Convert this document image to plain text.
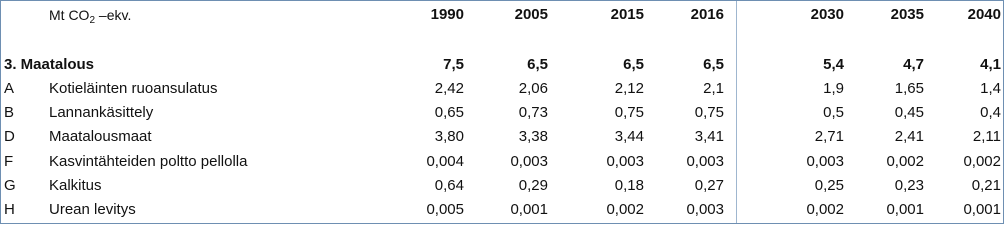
Mt $CO_2$ –ekv.	1990	2005	2015	2016	2030	2035	2040
3. Maatalous	7,5	6,5	6,5	6,5	5,4	4,7	4,1
A Kotieläinten ruoansulatus	2,42	2,06	2,12	2,1	1,9	1,65	1,4
B Lannankäsittely	0,65	0,73	0,75	0,75	0,5	0,45	0,4
D Maatalousmaat	3,80	3,38	3,44	3,41	2,71	2,41	2,11
F Kasvintähteiden poltto pellolla	0,004	0,003	0,003	0,003	0,003	0,002	0,002
G Kalkitus	0,64	0,29	0,18	0,27	0,25	0,23	0,21
H Urean levitys	0,005	0,001	0,002	0,003	0,002	0,001	0,001
